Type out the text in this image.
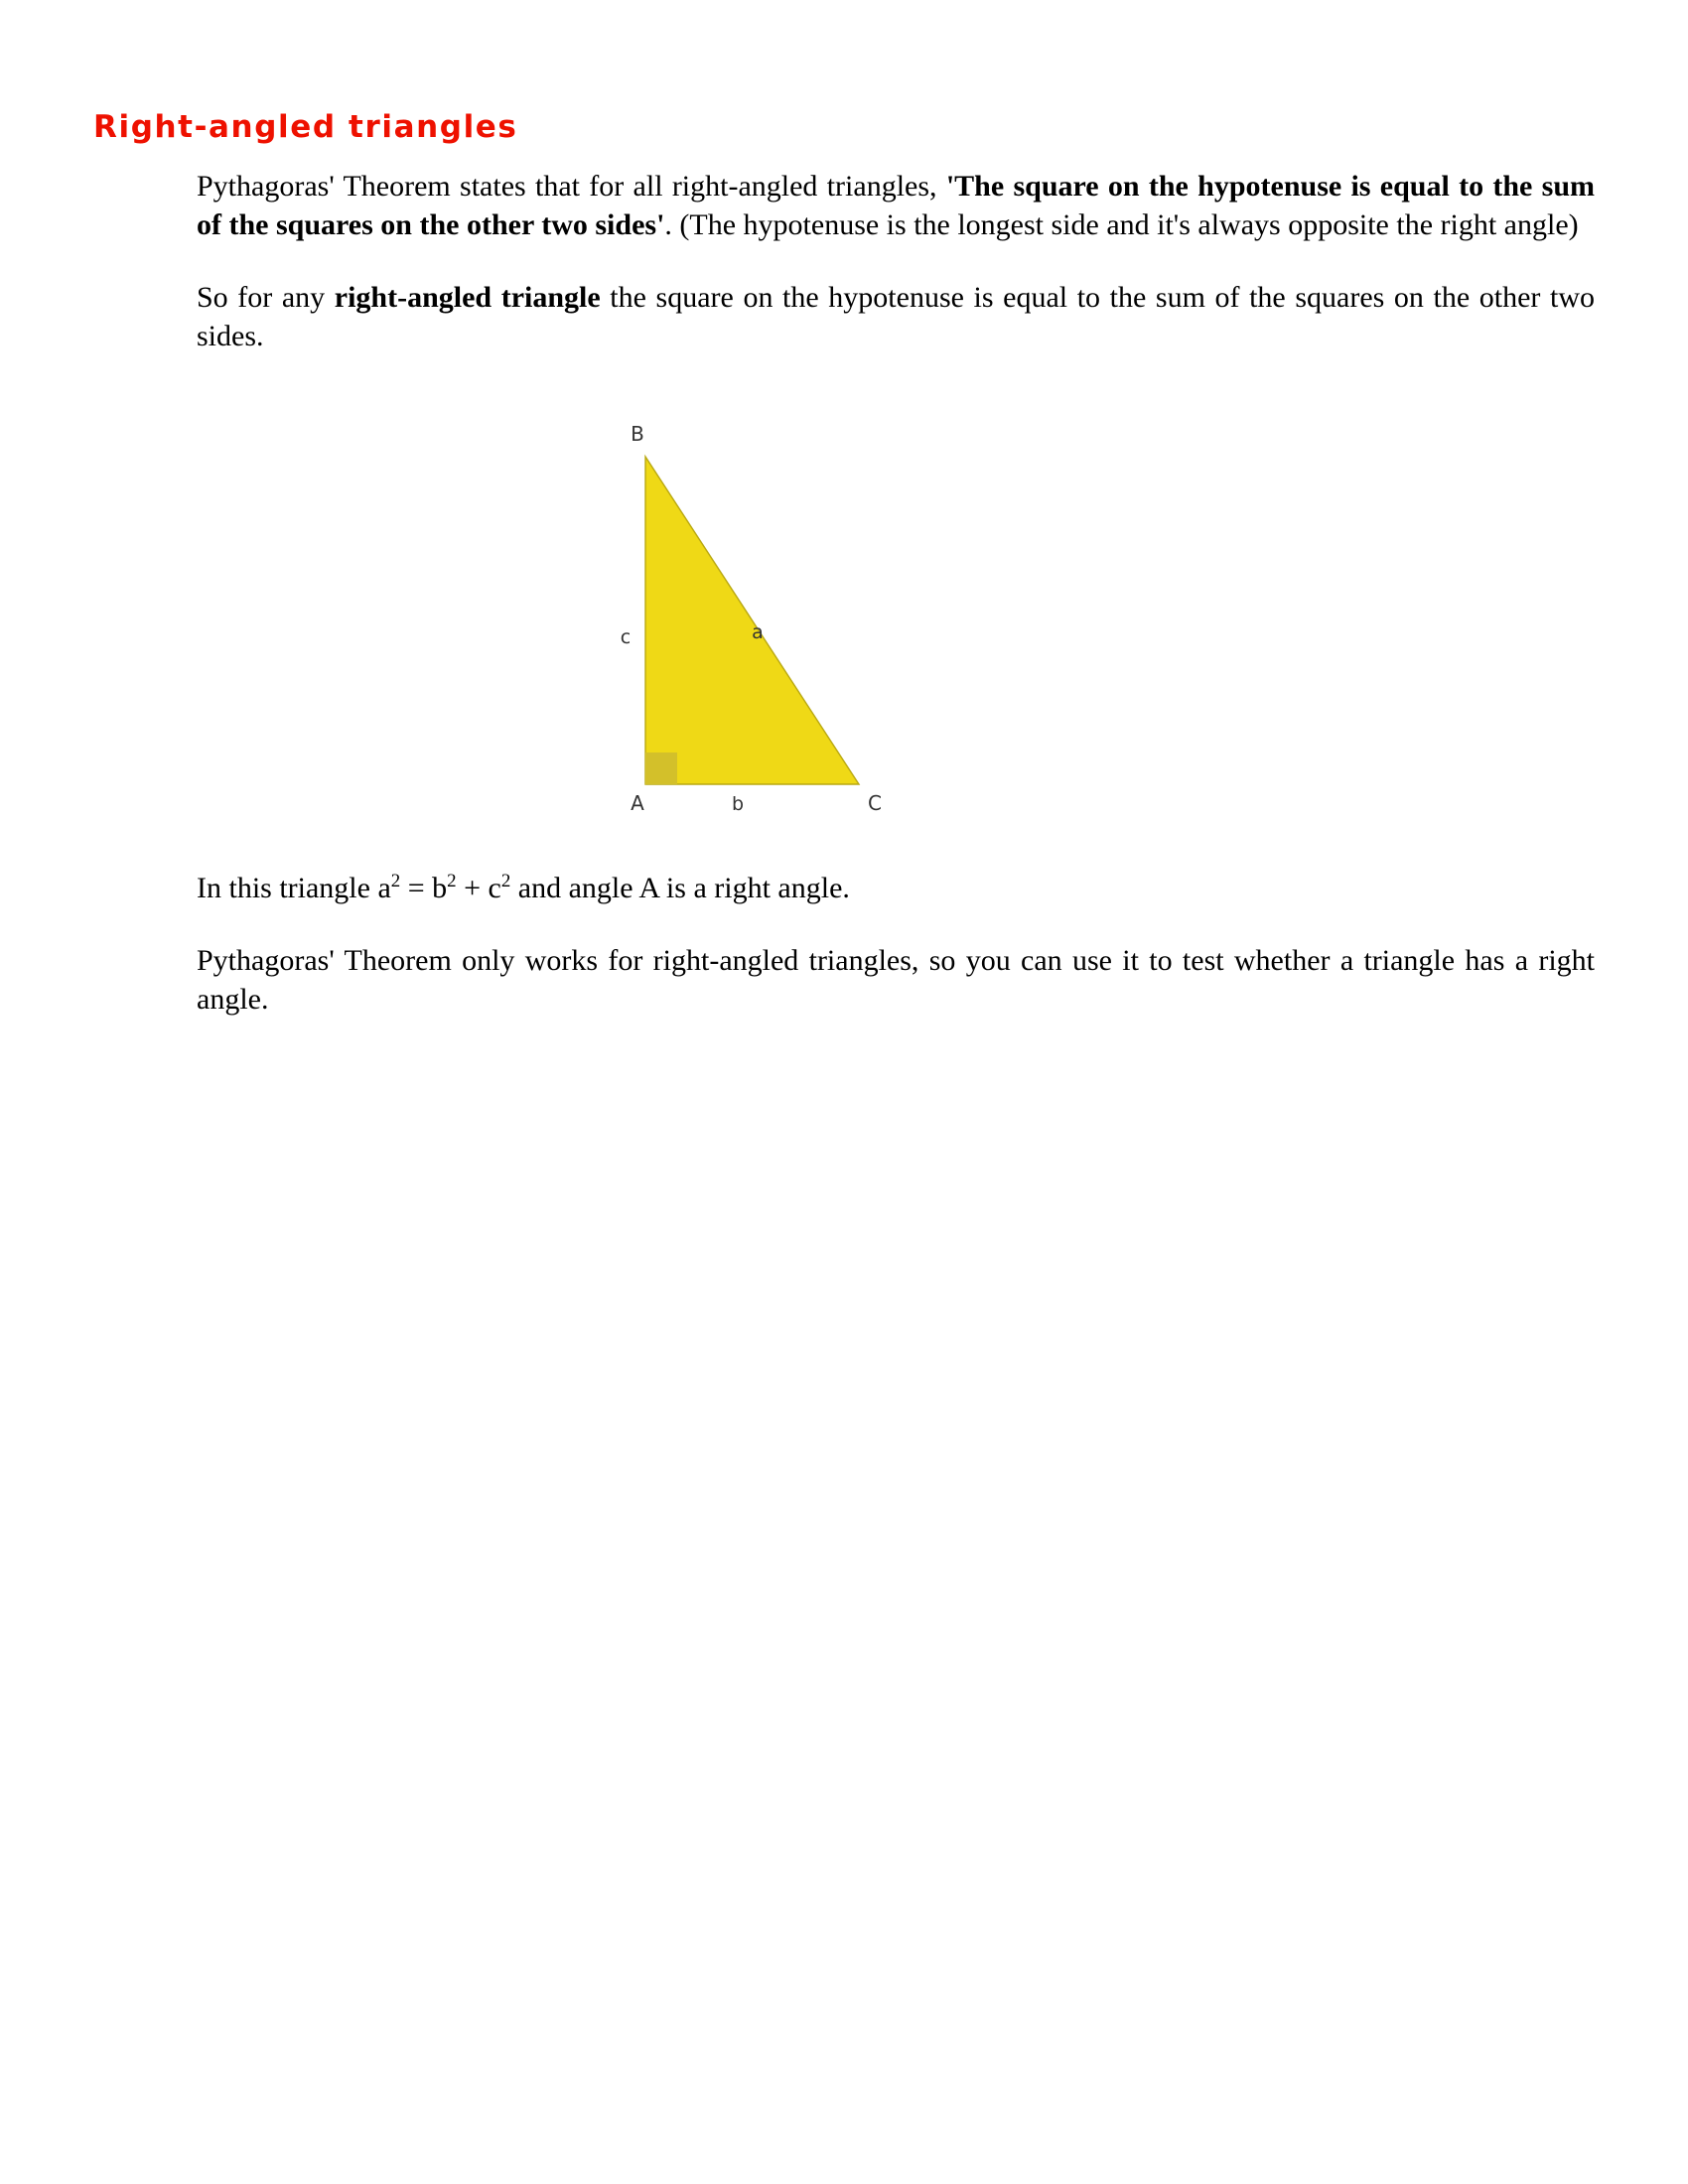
Right-angled triangles

Pythagoras' Theorem states that for all right-angled triangles, 'The square on the hypotenuse is equal to the sum of the squares on the other two sides'. (The hypotenuse is the longest side and it's always opposite the right angle)

So for any right-angled triangle the square on the hypotenuse is equal to the sum of the squares on the other two sides.

B
c	a
A	b	C

In this triangle $a^2 = b^2 + c^2$ and angle A is a right angle.

Pythagoras' Theorem only works for right-angled triangles, so you can use it to test whether a triangle has a right angle.
